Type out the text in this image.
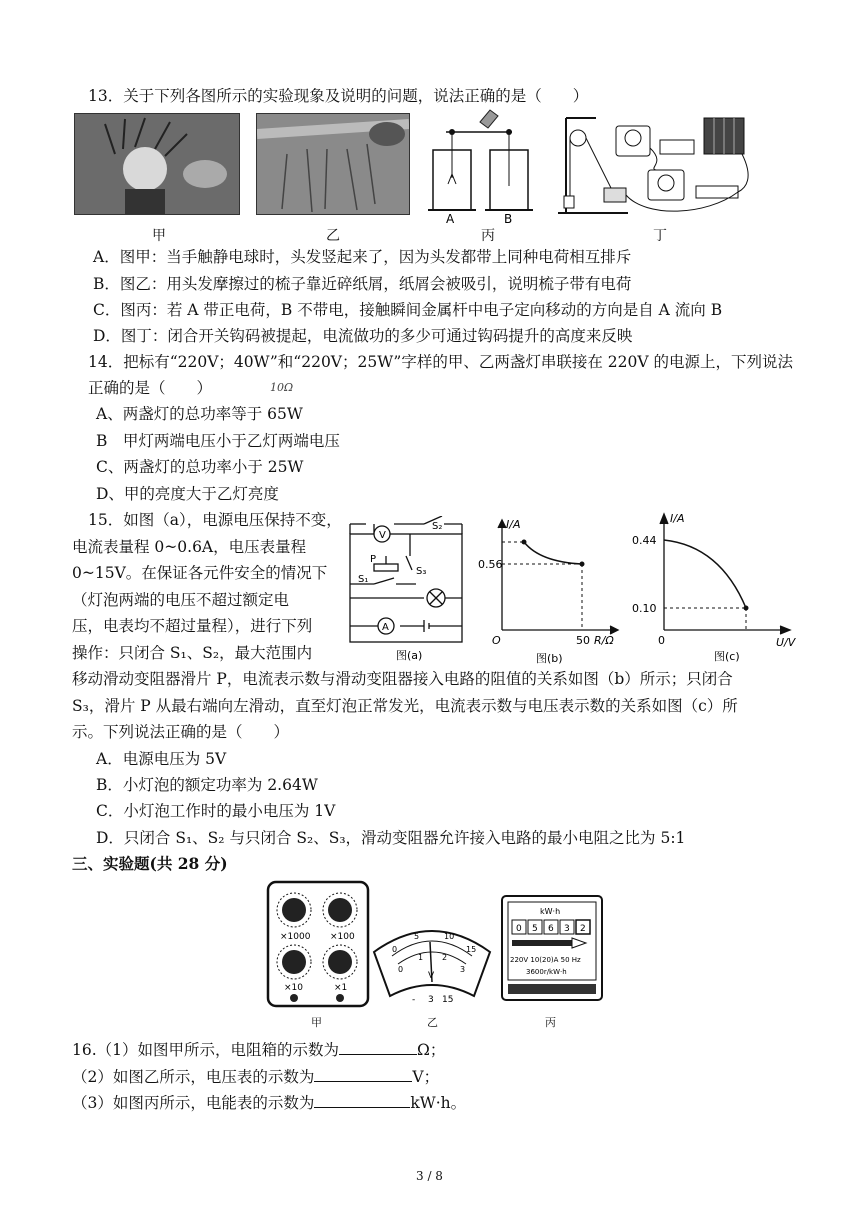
13．关于下列各图所示的实验现象及说明的问题，说法正确的是（　　）
A	B
甲	乙	丙	丁
A．图甲：当手触静电球时，头发竖起来了，因为头发都带上同种电荷相互排斥
B．图乙：用头发摩擦过的梳子靠近碎纸屑，纸屑会被吸引，说明梳子带有电荷
C．图丙：若 A 带正电荷，B 不带电，接触瞬间金属杆中电子定向移动的方向是自 A 流向 B
D．图丁：闭合开关钩码被提起，电流做功的多少可通过钩码提升的高度来反映
14．把标有“220V；40W”和“220V；25W”字样的甲、乙两盏灯串联接在 220V 的电源上，下列说法
正确的是（　　）	10Ω
A、两盏灯的总功率等于 65W
B　甲灯两端电压小于乙灯两端电压
C、两盏灯的总功率小于 25W
D、甲的亮度大于乙灯亮度
15．如图（a），电源电压保持不变，
电流表量程 0~0.6A，电压表量程
0~15V。在保证各元件安全的情况下
（灯泡两端的电压不超过额定电
压，电表均不超过量程），进行下列
操作：只闭合 S₁、S₂，最大范围内
V
A
S₂
P
S₁
S₃
图(a)
I/A
0.56
O	50 R/Ω
图(b)
I/A
0.44
0.10
0	U/V
图(c)
移动滑动变阻器滑片 P，电流表示数与滑动变阻器接入电路的阻值的关系如图（b）所示；只闭合
S₃，滑片 P 从最右端向左滑动，直至灯泡正常发光，电流表示数与电压表示数的关系如图（c）所
示。下列说法正确的是（　　）
A．电源电压为 5V
B．小灯泡的额定功率为 2.64W
C．小灯泡工作时的最小电压为 1V
D．只闭合 S₁、S₂ 与只闭合 S₂、S₃，滑动变阻器允许接入电路的最小电阻之比为 5:1
三、实验题(共 28 分)
×1000 ×100
×10	×1
甲
0
5	10
15
0
1 2
3
V
- 3 15
乙
kW·h
0 5 6 3 2
220V 10(20)A 50 Hz
3600r/kW·h
丙
16.（1）如图甲所示，电阻箱的示数为	Ω；
（2）如图乙所示，电压表的示数为	V；
（3）如图丙所示，电能表的示数为	kW·h。
3 / 8
